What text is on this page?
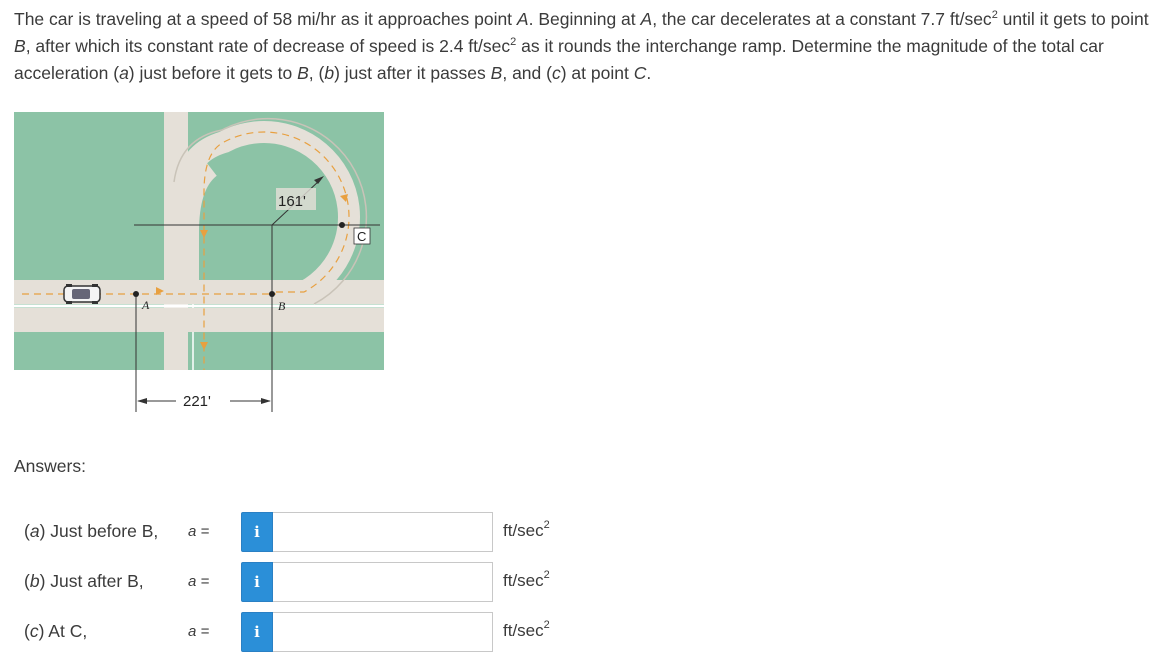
The car is traveling at a speed of 58 mi/hr as it approaches point A. Beginning at A, the car decelerates at a constant 7.7 $ft/\sec^2$ until it gets to point B, after which its constant rate of decrease of speed is 2.4 $ft/\sec^2$ as it rounds the interchange ramp. Determine the magnitude of the total car acceleration (a) just before it gets to B, (b) just after it passes B, and (c) at point C.
161'
221'
A	B
C
Answers:
(a) Just before B, a =	i	$ft/\sec^2$
(b) Just after B,	a =	i	$ft/\sec^2$
(c) At C,	a =	i	$ft/\sec^2$
